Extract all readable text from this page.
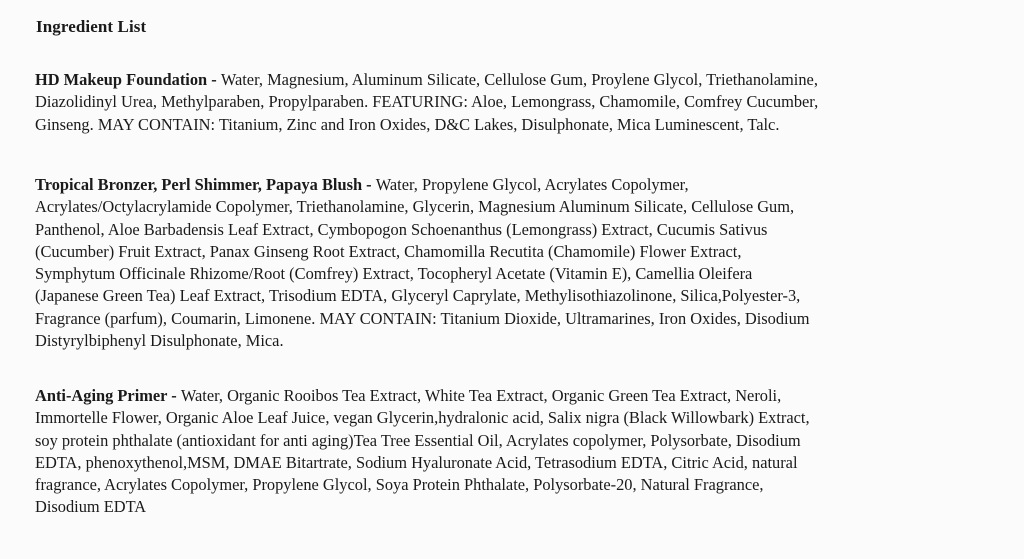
Ingredient List
HD Makeup Foundation - Water, Magnesium, Aluminum Silicate, Cellulose Gum, Proylene Glycol, Triethanolamine,
Diazolidinyl Urea, Methylparaben, Propylparaben. FEATURING: Aloe, Lemongrass, Chamomile, Comfrey Cucumber,
Ginseng. MAY CONTAIN: Titanium, Zinc and Iron Oxides, D&C Lakes, Disulphonate, Mica Luminescent, Talc.
Tropical Bronzer, Perl Shimmer, Papaya Blush - Water, Propylene Glycol, Acrylates Copolymer,
Acrylates/Octylacrylamide Copolymer, Triethanolamine, Glycerin, Magnesium Aluminum Silicate, Cellulose Gum,
Panthenol, Aloe Barbadensis Leaf Extract, Cymbopogon Schoenanthus (Lemongrass) Extract, Cucumis Sativus
(Cucumber) Fruit Extract, Panax Ginseng Root Extract, Chamomilla Recutita (Chamomile) Flower Extract,
Symphytum Officinale Rhizome/Root (Comfrey) Extract, Tocopheryl Acetate (Vitamin E), Camellia Oleifera
(Japanese Green Tea) Leaf Extract, Trisodium EDTA, Glyceryl Caprylate, Methylisothiazolinone, Silica,Polyester-3,
Fragrance (parfum), Coumarin, Limonene. MAY CONTAIN: Titanium Dioxide, Ultramarines, Iron Oxides, Disodium
Distyrylbiphenyl Disulphonate, Mica.
Anti-Aging Primer - Water, Organic Rooibos Tea Extract, White Tea Extract, Organic Green Tea Extract, Neroli,
Immortelle Flower, Organic Aloe Leaf Juice, vegan Glycerin,hydralonic acid, Salix nigra (Black Willowbark) Extract,
soy protein phthalate (antioxidant for anti aging)Tea Tree Essential Oil, Acrylates copolymer, Polysorbate, Disodium
EDTA, phenoxythenol,MSM, DMAE Bitartrate, Sodium Hyaluronate Acid, Tetrasodium EDTA, Citric Acid, natural
fragrance, Acrylates Copolymer, Propylene Glycol, Soya Protein Phthalate, Polysorbate-20, Natural Fragrance,
Disodium EDTA
